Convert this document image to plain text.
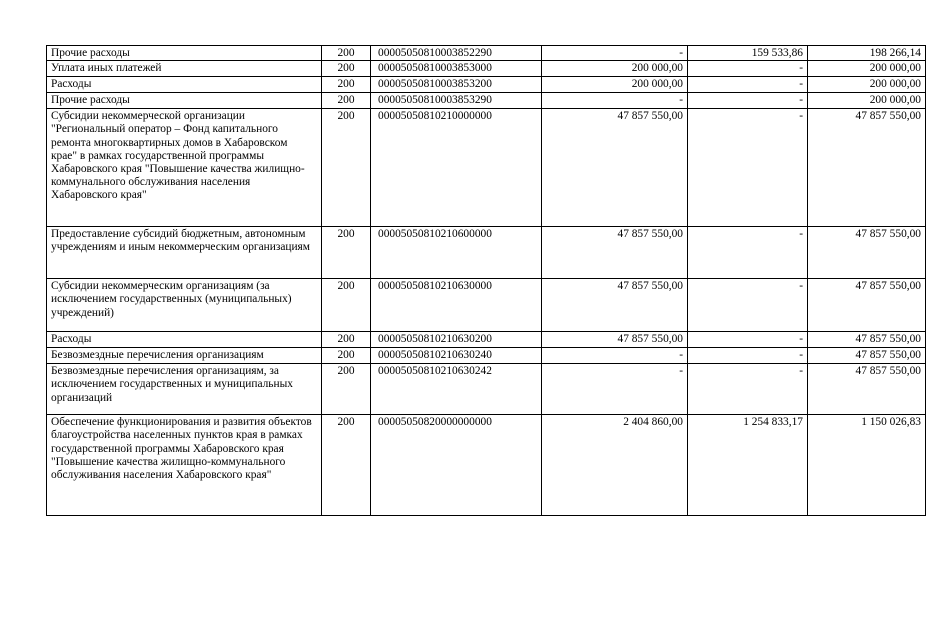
Прочие расходы	200	00005050810003852290	-	159 533,86	198 266,14
Уплата иных платежей	200	00005050810003853000	200 000,00	-	200 000,00
Расходы	200	00005050810003853200	200 000,00	-	200 000,00
Прочие расходы	200	00005050810003853290	-	-	200 000,00
Субсидии некоммерческой организации "Региональный оператор – Фонд капитального ремонта многоквартирных домов в Хабаровском крае" в рамках государственной программы Хабаровского края "Повышение качества жилищно-коммунального обслуживания населения Хабаровского края"	200	00005050810210000000	47 857 550,00	-	47 857 550,00
Предоставление субсидий бюджетным, автономным учреждениям и иным некоммерческим организациям	200	00005050810210600000	47 857 550,00	-	47 857 550,00
Субсидии некоммерческим организациям (за исключением государственных (муниципальных) учреждений)	200	00005050810210630000	47 857 550,00	-	47 857 550,00
Расходы	200	00005050810210630200	47 857 550,00	-	47 857 550,00
Безвозмездные перечисления организациям	200	00005050810210630240	-	-	47 857 550,00
Безвозмездные перечисления организациям, за исключением государственных и муниципальных организаций	200	00005050810210630242	-	-	47 857 550,00
Обеспечение функционирования и развития объектов благоустройства населенных пунктов края в рамках государственной программы Хабаровского края "Повышение качества жилищно-коммунального обслуживания населения Хабаровского края"	200	00005050820000000000	2 404 860,00	1 254 833,17	1 150 026,83
